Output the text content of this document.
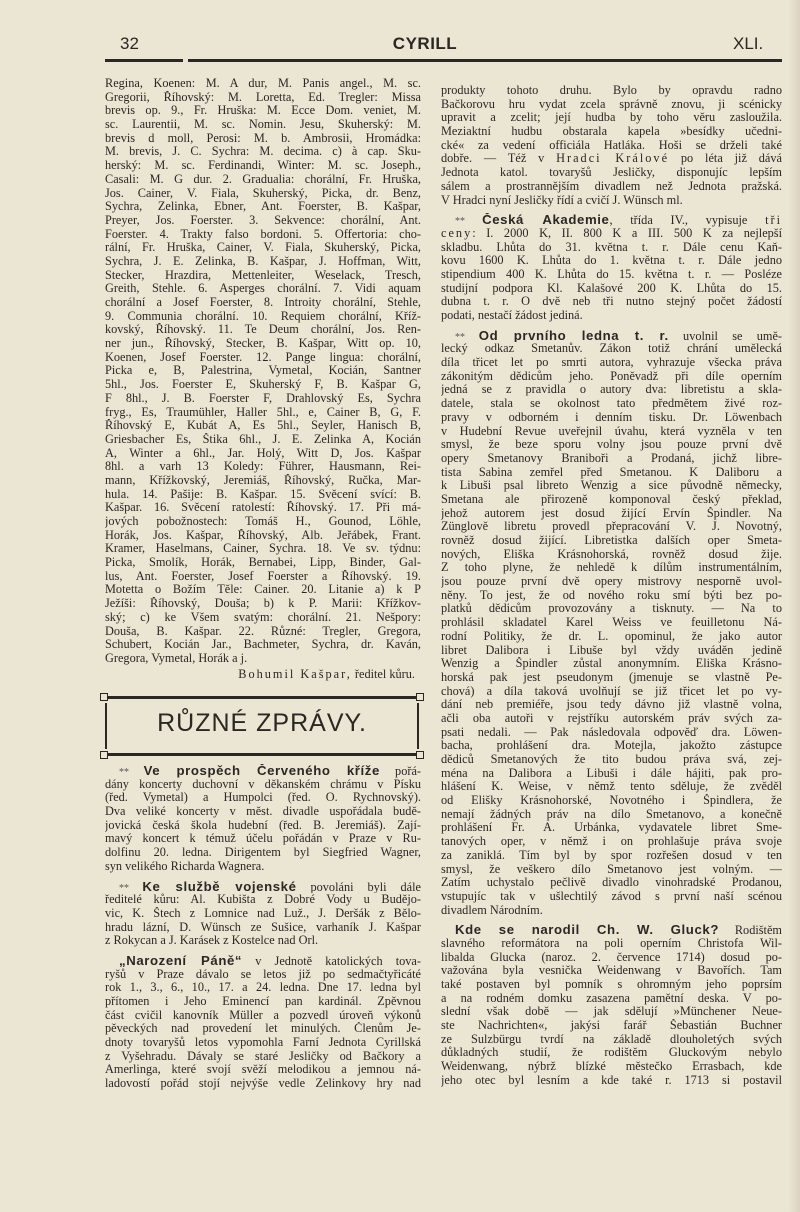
32	CYRILL	XLI.
Regina, Koenen: M. A dur, M. Panis angel., M. sc.
Gregorii, Říhovský: M. Loretta, Ed. Tregler: Missa
brevis op. 9., Fr. Hruška: M. Ecce Dom. veniet, M.
sc. Laurentii, M. sc. Nomin. Jesu, Skuherský: M.
brevis d moll, Perosi: M. b. Ambrosii, Hromádka:
M. brevis, J. C. Sychra: M. decima. c) à cap. Sku-
herský: M. sc. Ferdinandi, Winter: M. sc. Joseph.,
Casali: M. G dur. 2. Gradualia: chorální, Fr. Hruška,
Jos. Cainer, V. Fiala, Skuherský, Picka, dr. Benz,
Sychra, Zelinka, Ebner, Ant. Foerster, B. Kašpar,
Preyer, Jos. Foerster. 3. Sekvence: chorální, Ant.
Foerster. 4. Trakty falso bordoni. 5. Offertoria: cho-
rální, Fr. Hruška, Cainer, V. Fiala, Skuherský, Picka,
Sychra, J. E. Zelinka, B. Kašpar, J. Hoffman, Witt,
Stecker, Hrazdira, Mettenleiter, Weselack, Tresch,
Greith, Stehle. 6. Asperges chorální. 7. Vidi aquam
chorální a Josef Foerster, 8. Introity chorální, Stehle,
9. Communia chorální. 10. Requiem chorální, Kříž-
kovský, Říhovský. 11. Te Deum chorální, Jos. Ren-
ner jun., Říhovský, Stecker, B. Kašpar, Witt op. 10,
Koenen, Josef Foerster. 12. Pange lingua: chorální,
Picka e, B, Palestrina, Vymetal, Kocián, Santner
5hl., Jos. Foerster E, Skuherský F, B. Kašpar G,
F 8hl., J. B. Foerster F, Drahlovský Es, Sychra
fryg., Es, Traumühler, Haller 5hl., e, Cainer B, G, F.
Říhovský E, Kubát A, Es 5hl., Seyler, Hanisch B,
Griesbacher Es, Štika 6hl., J. E. Zelinka A, Kocián
A, Winter a 6hl., Jar. Holý, Witt D, Jos. Kašpar
8hl. a varh 13 Koledy: Führer, Hausmann, Rei-
mann, Křížkovský, Jeremiáš, Říhovský, Ručka, Mar-
hula. 14. Pašije: B. Kašpar. 15. Svěcení svící: B.
Kašpar. 16. Svěcení ratolestí: Říhovský. 17. Při má-
jových pobožnostech: Tomáš H., Gounod, Löhle,
Horák, Jos. Kašpar, Říhovský, Alb. Jeřábek, Frant.
Kramer, Haselmans, Cainer, Sychra. 18. Ve sv. týdnu:
Picka, Smolík, Horák, Bernabei, Lipp, Binder, Gal-
lus, Ant. Foerster, Josef Foerster a Říhovský. 19.
Motetta o Božím Těle: Cainer. 20. Litanie a) k P
Ježíši: Říhovský, Douša; b) k P. Marii: Křížkov-
ský; c) ke Všem svatým: chorální. 21. Nešpory:
Douša, B. Kašpar. 22. Různé: Tregler, Gregora,
Schubert, Kocián Jar., Bachmeter, Sychra, dr. Kaván,
Gregora, Vymetal, Horák a j.
Bohumil Kašpar, ředitel kůru.
RŮZNÉ ZPRÁVY.
** Ve prospěch Červeného kříže pořá-
dány koncerty duchovní v děkanském chrámu v Písku
(řed. Vymetal) a Humpolci (řed. O. Rychnovský).
Dva veliké koncerty v měst. divadle uspořádala budě-
jovická česká škola hudební (řed. B. Jeremiáš). Zají-
mavý koncert k témuž účelu pořádán v Praze v Ru-
dolfinu 20. ledna. Dirigentem byl Siegfried Wagner,
syn velikého Richarda Wagnera.
** Ke službě vojenské povoláni byli dále
ředitelé kůru: Al. Kubišta z Dobré Vody u Budějo-
vic, K. Štech z Lomnice nad Luž., J. Deršák z Bělo-
hradu lázní, D. Wünsch ze Sušice, varhaník J. Kašpar
z Rokycan a J. Karásek z Kostelce nad Orl.
„Narození Páně“ v Jednotě katolických tova-
ryšů v Praze dávalo se letos již po sedmačtyřicáté
rok 1., 3., 6., 10., 17. a 24. ledna. Dne 17. ledna byl
přítomen i Jeho Eminencí pan kardinál. Zpěvnou
část cvičil kanovník Müller a pozvedl úroveň výkonů
pěveckých nad provedení let minulých. Členům Je-
dnoty tovaryšů letos vypomohla Farní Jednota Cyrillská
z Vyšehradu. Dávaly se staré Jesličky od Bačkory a
Amerlinga, které svojí svěží melodikou a jemnou ná-
ladovostí pořád stojí nejvýše vedle Zelinkovy hry nad
produkty tohoto druhu. Bylo by opravdu radno
Bačkorovu hru vydat zcela správně znovu, ji scénicky
upravit a zcelit; její hudba by toho věru zasloužila.
Meziaktní hudbu obstarala kapela »besídky učedni-
cké« za vedení officiála Hatláka. Hoši se drželi také
dobře. — Též v Hradci Králové po léta již dává
Jednota katol. tovaryšů Jesličky, disponujíc lepším
sálem a prostrannějším divadlem než Jednota pražská.
V Hradci nyní Jesličky řídí a cvičí J. Wünsch ml.
** Česká Akademie, třída IV., vypisuje tři
ceny: I. 2000 K, II. 800 K a III. 500 K za nejlepší
skladbu. Lhůta do 31. května t. r. Dále cenu Kaň-
kovu 1600 K. Lhůta do 1. května t. r. Dále jedno
stipendium 400 K. Lhůta do 15. května t. r. — Posléze
studijní podpora Kl. Kalašové 200 K. Lhůta do 15.
dubna t. r. O dvě neb tři nutno stejný počet žádostí
podati, nestačí žádost jediná.
** Od prvního ledna t. r. uvolnil se umě-
lecký odkaz Smetanův. Zákon totiž chrání umělecká
díla třicet let po smrti autora, vyhrazuje všecka práva
zákonitým dědicům jeho. Poněvadž při díle operním
jedná se z pravidla o autory dva: libretistu a skla-
datele, stala se okolnost tato předmětem živé roz-
pravy v odborném i denním tisku. Dr. Löwenbach
v Hudební Revue uveřejnil úvahu, která vyzněla v ten
smysl, že beze sporu volny jsou pouze první dvě
opery Smetanovy Braniboři a Prodaná, jichž libre-
tista Sabina zemřel před Smetanou. K Daliboru a
k Libuši psal libreto Wenzig a sice původně německy,
Smetana ale přirozeně komponoval český překlad,
jehož autorem jest dosud žijící Ervín Špindler. Na
Zünglově libretu provedl přepracování V. J. Novotný,
rovněž dosud žijící. Libretistka dalších oper Smeta-
nových, Eliška Krásnohorská, rovněž dosud žije.
Z toho plyne, že nehledě k dílům instrumentálním,
jsou pouze první dvě opery mistrovy nesporně uvol-
něny. To jest, že od nového roku smí býti bez po-
platků dědicům provozovány a tisknuty. — Na to
prohlásil skladatel Karel Weiss ve feuilletonu Ná-
rodní Politiky, že dr. L. opominul, že jako autor
libret Dalibora i Libuše byl vždy uváděn jedině
Wenzig a Špindler zůstal anonymním. Eliška Krásno-
horská pak jest pseudonym (jmenuje se vlastně Pe-
chová) a díla taková uvolňují se již třicet let po vy-
dání neb premiéře, jsou tedy dávno již vlastně volna,
ačli oba autoři v rejstříku autorském práv svých za-
psati nedali. — Pak následovala odpověď dra. Löwen-
bacha, prohlášení dra. Motejla, jakožto zástupce
dědiců Smetanových že tito budou práva svá, zej-
ména na Dalibora a Libuši i dále hájiti, pak pro-
hlášení K. Weise, v němž tento sděluje, že zvěděl
od Elišky Krásnohorské, Novotného i Špindlera, že
nemají žádných práv na dílo Smetanovo, a konečně
prohlášení Fr. A. Urbánka, vydavatele libret Sme-
tanových oper, v němž i on prohlašuje práva svoje
za zaniklá. Tím byl by spor rozřešen dosud v ten
smysl, že veškero dílo Smetanovo jest volným. —
Zatím uchystalo pečlivě divadlo vinohradské Prodanou,
vstupujíc tak v ušlechtilý závod s první naší scénou
divadlem Národním.
Kde se narodil Ch. W. Gluck? Rodištěm
slavného reformátora na poli operním Christofa Wil-
libalda Glucka (naroz. 2. července 1714) dosud po-
važována byla vesnička Weidenwang v Bavořích. Tam
také postaven byl pomník s ohromným jeho poprsím
a na rodném domku zasazena pamětní deska. V po-
slední však době — jak sdělují »Münchener Neue-
ste Nachrichten«, jakýsi farář Šebastián Buchner
ze Sulzbürgu tvrdí na základě dlouholetých svých
důkladných studií, že rodištěm Gluckovým nebylo
Weidenwang, nýbrž blízké městečko Errasbach, kde
jeho otec byl lesním a kde také r. 1713 si postavil
